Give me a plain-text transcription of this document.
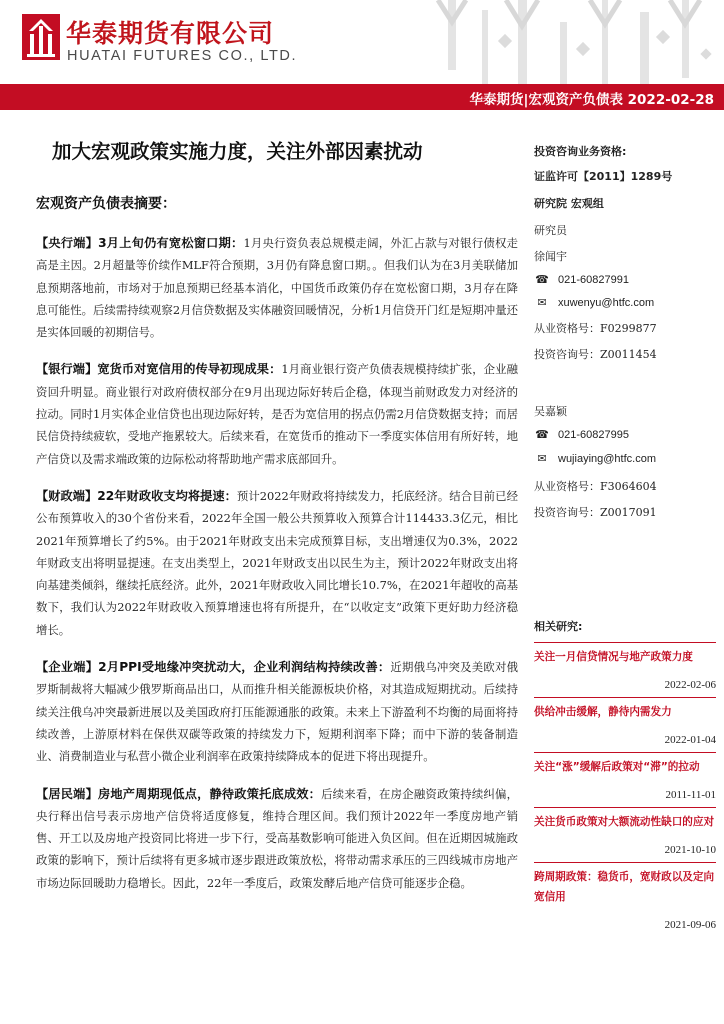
华泰期货有限公司
HUATAI FUTURES CO., LTD.
华泰期货|宏观资产负债表 2022-02-28
加大宏观政策实施力度，关注外部因素扰动
宏观资产负债表摘要：

【央行端】3月上旬仍有宽松窗口期：1月央行资负表总规模走阔，外汇占款与对银行债权走高是主因。2月超量等价续作MLF符合预期，3月仍有降息窗口期。。但我们认为在3月美联储加息预期落地前，市场对于加息预期已经基本消化，中国货币政策仍存在宽松窗口期，3月存在降息可能性。后续需持续观察2月信贷数据及实体融资回暖情况，分析1月信贷开门红是短期冲量还是实体回暖的初期信号。

【银行端】宽货币对宽信用的传导初现成果：1月商业银行资产负债表规模持续扩张，企业融资回升明显。商业银行对政府债权部分在9月出现边际好转后企稳，体现当前财政发力对经济的拉动。同时1月实体企业信贷也出现边际好转，是否为宽信用的拐点仍需2月信贷数据支持；而居民信贷持续疲软，受地产拖累较大。后续来看，在宽货币的推动下一季度实体信用有所好转，地产信贷以及需求端政策的边际松动将帮助地产需求底部回升。

【财政端】22年财政收支均将提速：预计2022年财政将持续发力，托底经济。结合目前已经公布预算收入的30个省份来看，2022年全国一般公共预算收入预算合计114433.3亿元，相比2021年预算增长了约5%。由于2021年财政支出未完成预算目标，支出增速仅为0.3%，2022年财政支出将明显提速。在支出类型上，2021年财政支出以民生为主，预计2022年财政支出将向基建类倾斜，继续托底经济。此外，2021年财政收入同比增长10.7%，在2021年超收的高基数下，我们认为2022年财政收入预算增速也将有所提升，在“以收定支”政策下更好助力经济稳增长。

【企业端】2月PPI受地缘冲突扰动大，企业利润结构持续改善：近期俄乌冲突及美欧对俄罗斯制裁将大幅减少俄罗斯商品出口，从而推升相关能源板块价格，对其造成短期扰动。后续持续关注俄乌冲突最新进展以及美国政府打压能源通胀的政策。未来上下游盈利不均衡的局面将持续改善，上游原材料在保供双碳等政策的持续发力下，短期利润率下降；而中下游的装备制造业、消费制造业与私营小微企业利润率在政策持续降成本的促进下将出现提升。

【居民端】房地产周期现低点，静待政策托底成效：后续来看，在房企融资政策持续纠偏，央行释出信号表示房地产信贷将适度修复，维持合理区间。我们预计2022年一季度房地产销售、开工以及房地产投资同比将进一步下行，受高基数影响可能进入负区间。但在近期因城施政政策的影响下，预计后续将有更多城市逐步跟进政策放松，将带动需求承压的三四线城市房地产市场边际回暖助力稳增长。因此，22年一季度后，政策发酵后地产信贷可能逐步企稳。

投资咨询业务资格:
证监许可【2011】1289号
研究院 宏观组
研究员
徐闻宇
☎ 021-60827991
✉ xuwenyu@htfc.com
从业资格号：F0299877
投资咨询号：Z0011454
吴嘉颖
☎ 021-60827995
✉ wujiaying@htfc.com
从业资格号：F3064604
投资咨询号：Z0017091
相关研究:
关注一月信贷情况与地产政策力度
2022-02-06
供给冲击缓解，静待内需发力
2022-01-04
关注“涨”缓解后政策对“滞”的拉动
2011-11-01
关注货币政策对大额流动性缺口的应对
2021-10-10
跨周期政策：稳货币，宽财政以及定向宽信用
2021-09-06
